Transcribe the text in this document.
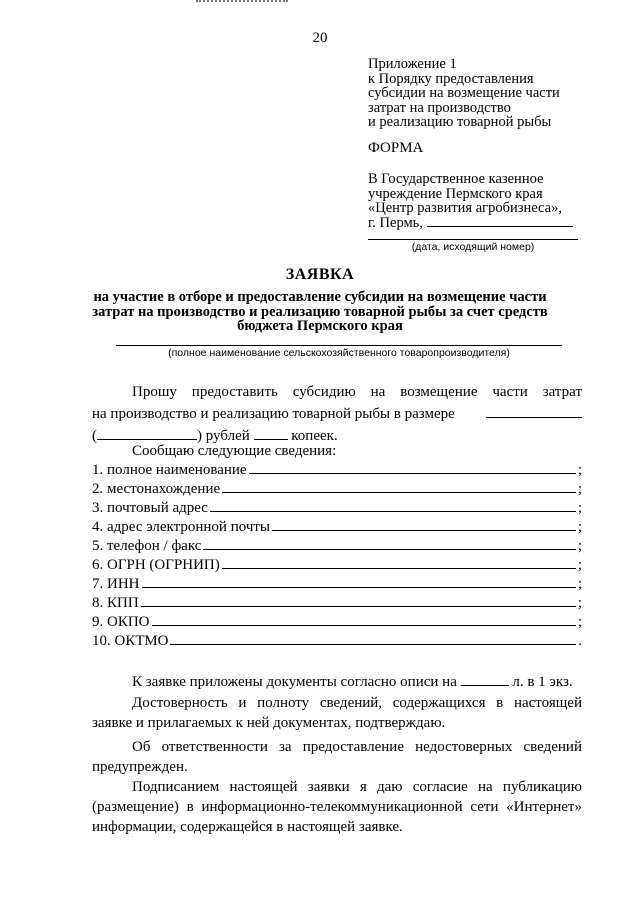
20
Приложение 1
к Порядку предоставления
субсидии на возмещение части
затрат на производство
и реализацию товарной рыбы
ФОРМА
В Государственное казенное
учреждение Пермского края
«Центр развития агробизнеса»,
г. Пермь,
(дата, исходящий номер)
ЗАЯВКА
на участие в отборе и предоставление субсидии на возмещение части
затрат на производство и реализацию товарной рыбы за счет средств
бюджета Пермского края
(полное наименование сельскохозяйственного товаропроизводителя)
Прошу предоставить субсидию на возмещение части затрат
на производство и реализацию товарной рыбы в размере
(	) рублей	копеек.
Сообщаю следующие сведения:
1. полное наименование	;
2. местонахождение	;
3. почтовый адрес	;
4. адрес электронной почты	;
5. телефон / факс	;
6. ОГРН (ОГРНИП)	;
7. ИНН	;
8. КПП	;
9. ОКПО	;
10. ОКТМО	.
К заявке приложены документы согласно описи на	л. в 1 экз.
Достоверность и полноту сведений, содержащихся в настоящей заявке и прилагаемых к ней документах, подтверждаю.
Об ответственности за предоставление недостоверных сведений предупрежден.
Подписанием настоящей заявки я даю согласие на публикацию (размещение) в информационно-телекоммуникационной сети «Интернет» информации, содержащейся в настоящей заявке.
